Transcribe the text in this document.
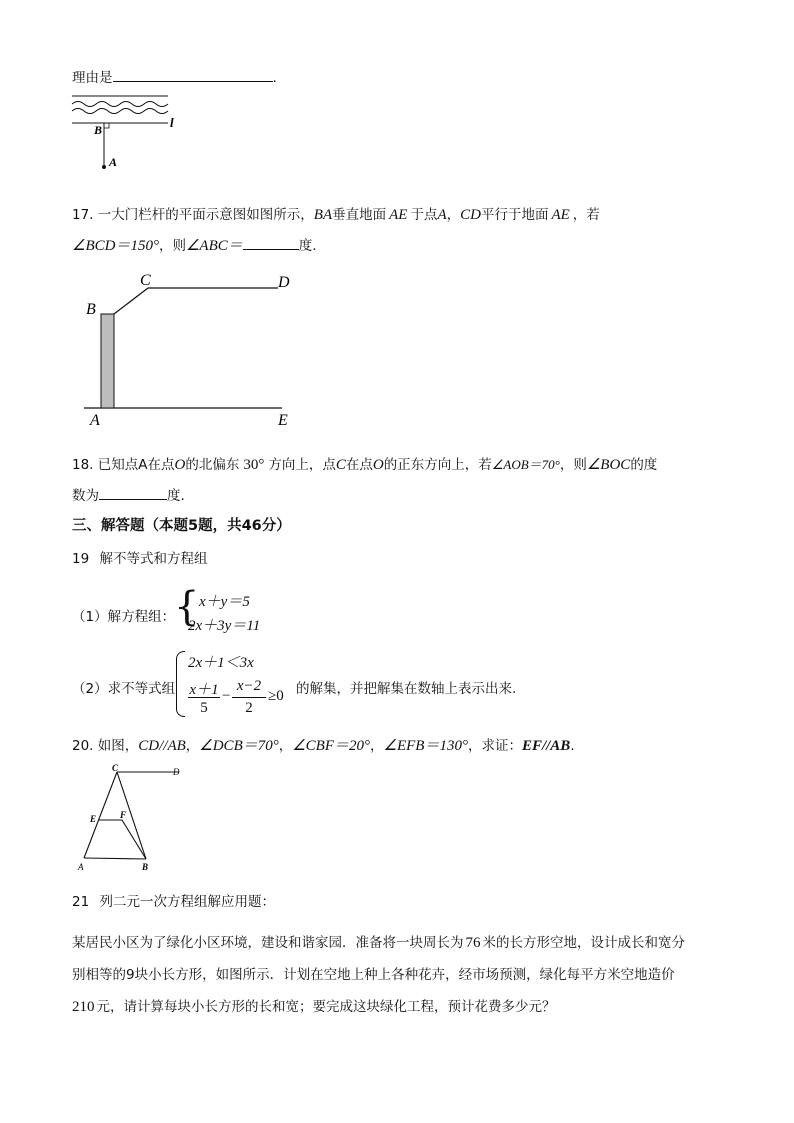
理由是	.
B	l
A
17. 一大门栏杆的平面示意图如图所示，BA垂直地面 AE 于点A，CD平行于地面 AE ，若
∠BCD＝150°，则∠ABC＝	度.
B
C	D
A	E
18. 已知点A在点O的北偏东 30° 方向上，点C在点O的正东方向上，若∠AOB＝70°，则∠BOC的度
数为	度.
三、解答题（本题5题，共46分）
19 解不等式和方程组
（1）解方程组：
{ x＋y＝5
2x＋3y＝11
（2）求不等式组
2x＋1＜3x
x＋1
5
−
x−2
2
≥0 的解集，并把解集在数轴上表示出来.
20. 如图，CD//AB，∠DCB＝70°，∠CBF＝20°，∠EFB＝130°，求证：EF//AB.
C	D
E	F
A	B
21 列二元一次方程组解应用题：
某居民小区为了绿化小区环境，建设和谐家园．准备将一块周长为 76 米的长方形空地，设计成长和宽分
别相等的9块小长方形，如图所示．计划在空地上种上各种花卉，经市场预测，绿化每平方米空地造价
210 元，请计算每块小长方形的长和宽；要完成这块绿化工程，预计花费多少元？
